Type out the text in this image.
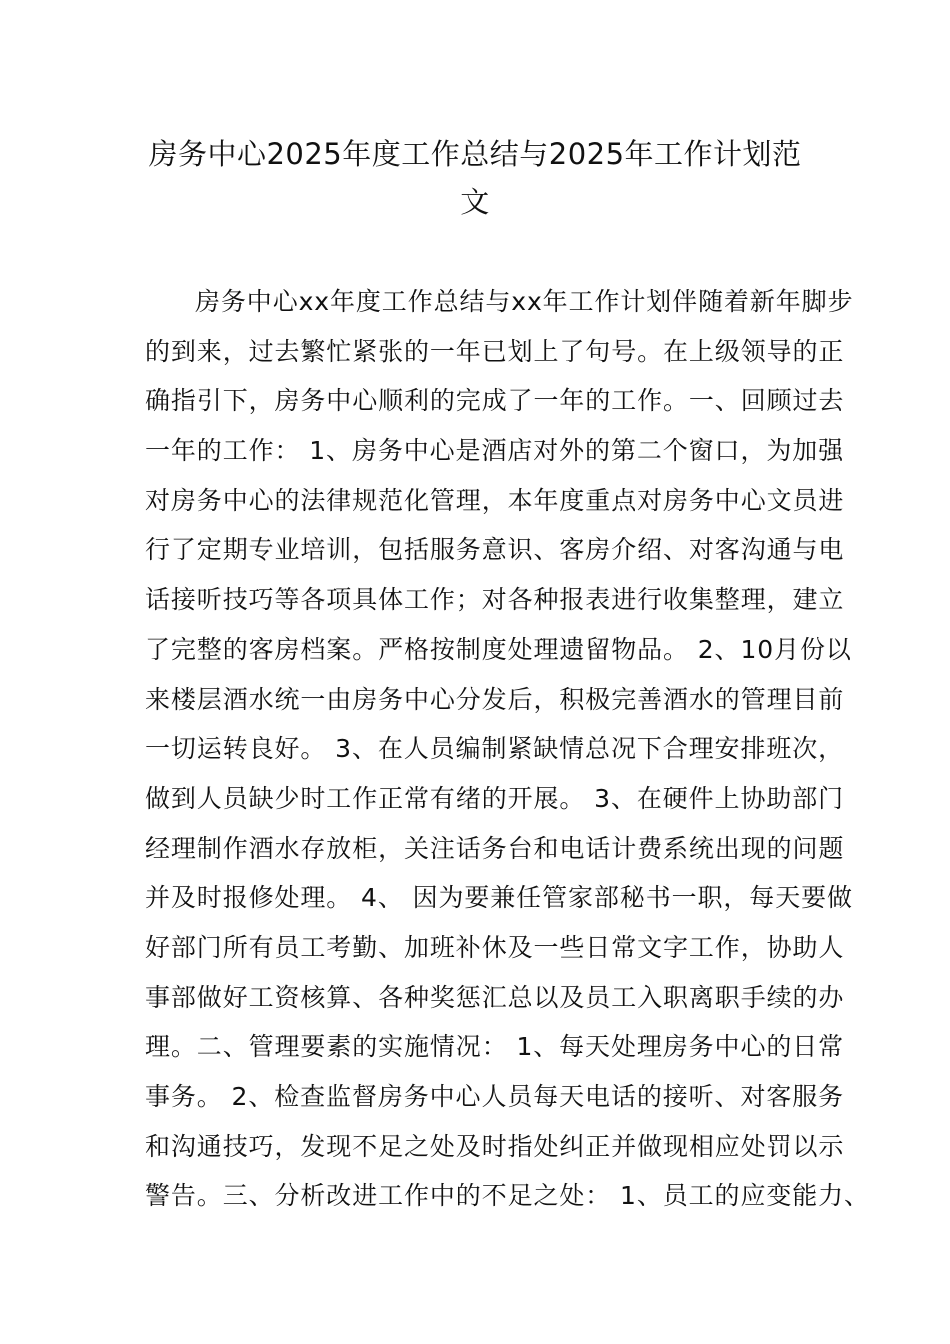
房务中心2025年度工作总结与2025年工作计划范
文
房务中心xx年度工作总结与xx年工作计划伴随着新年脚步
的到来，过去繁忙紧张的一年已划上了句号。在上级领导的正
确指引下，房务中心顺利的完成了一年的工作。一、回顾过去
一年的工作： 1、房务中心是酒店对外的第二个窗口，为加强
对房务中心的法律规范化管理，本年度重点对房务中心文员进
行了定期专业培训，包括服务意识、客房介绍、对客沟通与电
话接听技巧等各项具体工作；对各种报表进行收集整理，建立
了完整的客房档案。严格按制度处理遗留物品。 2、10月份以
来楼层酒水统一由房务中心分发后，积极完善酒水的管理目前
一切运转良好。 3、在人员编制紧缺情总况下合理安排班次，
做到人员缺少时工作正常有绪的开展。 3、在硬件上协助部门
经理制作酒水存放柜，关注话务台和电话计费系统出现的问题
并及时报修处理。 4、 因为要兼任管家部秘书一职，每天要做
好部门所有员工考勤、加班补休及一些日常文字工作，协助人
事部做好工资核算、各种奖惩汇总以及员工入职离职手续的办
理。二、管理要素的实施情况： 1、每天处理房务中心的日常
事务。 2、检查监督房务中心人员每天电话的接听、对客服务
和沟通技巧，发现不足之处及时指处纠正并做现相应处罚以示
警告。三、分析改进工作中的不足之处： 1、员工的应变能力、
